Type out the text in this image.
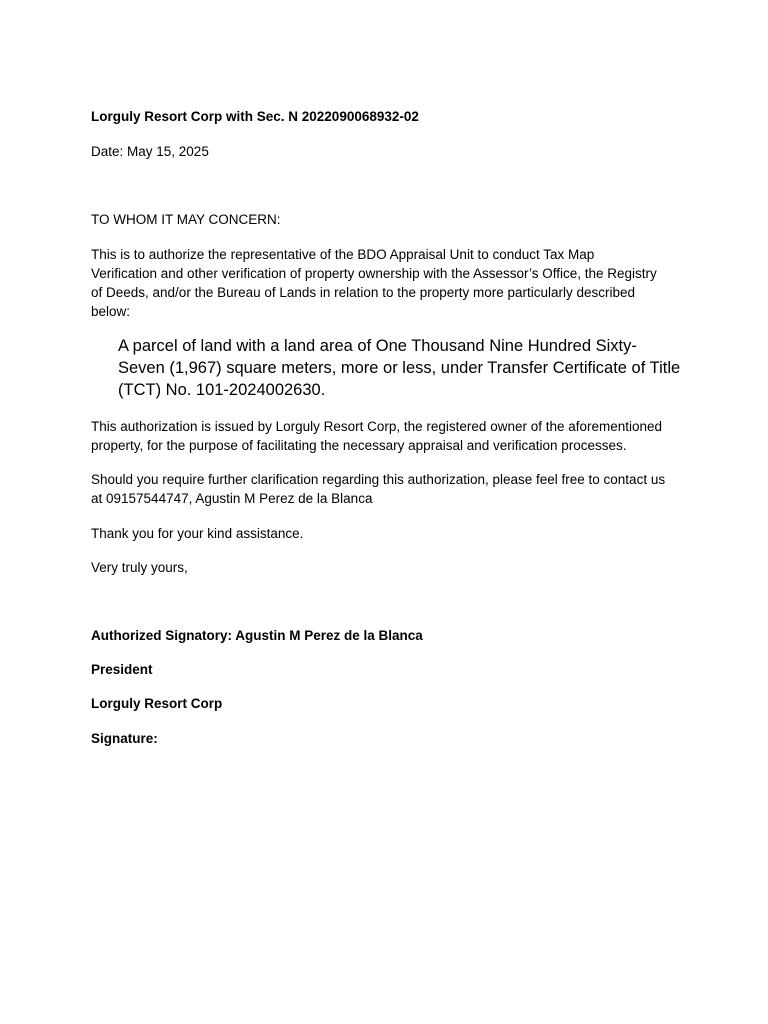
Lorguly Resort Corp with Sec. N 2022090068932-02

Date: May 15, 2025

TO WHOM IT MAY CONCERN:

This is to authorize the representative of the BDO Appraisal Unit to conduct Tax Map
Verification and other verification of property ownership with the Assessor’s Office, the Registry
of Deeds, and/or the Bureau of Lands in relation to the property more particularly described
below:
A parcel of land with a land area of One Thousand Nine Hundred Sixty-
Seven (1,967) square meters, more or less, under Transfer Certificate of Title
(TCT) No. 101-2024002630.
This authorization is issued by Lorguly Resort Corp, the registered owner of the aforementioned
property, for the purpose of facilitating the necessary appraisal and verification processes.
Should you require further clarification regarding this authorization, please feel free to contact us
at 09157544747, Agustin M Perez de la Blanca

Thank you for your kind assistance.

Very truly yours,

Authorized Signatory: Agustin M Perez de la Blanca

President

Lorguly Resort Corp

Signature:
